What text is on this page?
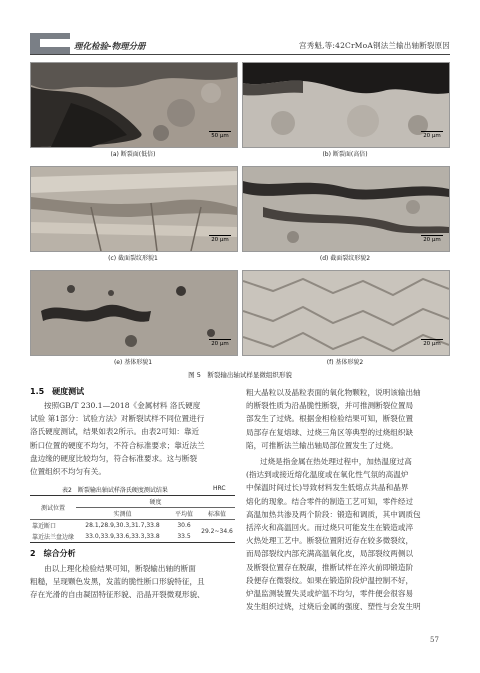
理化检验-物理分册	宫秀魁,等:42CrMoA钢法兰输出轴断裂原因
50 μm
(a) 断裂面(低倍)
20 μm
(b) 断裂面(高倍)
20 μm
(c) 截面裂纹形貌1
20 μm
(d) 截面裂纹形貌2
20 μm
(e) 基体形貌1
20 μm
(f) 基体形貌2
图 5　断裂输出轴试样显微组织形貌
1.5　硬度测试
按照GB/T 230.1—2018《金属材料 洛氏硬度
试验 第1部分：试验方法》对断裂试样不同位置进行
洛氏硬度测试，结果如表2所示。由表2可知：靠近
断口位置的硬度不均匀，不符合标准要求；靠近法兰
盘边缘的硬度比较均匀，符合标准要求。这与断裂
位置组织不均匀有关。
表2　断裂输出轴试样洛氏硬度测试结果	HRC
测试位置	硬度		
	实测值	平均值	标准值
靠近断口	28.1,28.9,30.3,31.7,33.8	30.6	29.2~34.6
靠近法兰盘边缘	33.0,33.9,33.6,33.3,33.8	33.5	
2　综合分析
由以上理化检验结果可知，断裂输出轴的断面
粗糙，呈现颗色发黑，发蓝的脆性断口形貌特征，且
存在光滑的自由凝固特征形貌、沿晶开裂微观形貌、
粗大晶粒以及晶粒表面的氧化物颗粒，说明该输出轴
的断裂性质为沿晶脆性断裂，并可推测断裂位置局
部发生了过烧。根据金相检验结果可知，断裂位置
局部存在复熔球、过烧三角区等典型的过烧组织缺
陷，可推断法兰输出轴局部位置发生了过烧。
过烧是指金属在热处理过程中，加热温度过高
(指达到或接近熔化温度或在氧化性气氛的高温炉
中保温时间过长)导致材料发生低熔点共晶和晶界
熔化的现象。结合零件的制造工艺可知，零件经过
高温加热共渗及两个阶段：锻造和调质，其中调质包
括淬火和高温回火。而过烧只可能发生在锻造或淬
火热处理工艺中。断裂位置附近存在较多微裂纹，
而局部裂纹内部充满高温氧化皮，局部裂纹两侧以
及断裂位置存在脱碳，推断试样在淬火前即锻造阶
段便存在微裂纹。如果在锻造阶段炉温控制不好，
炉温监测装置失灵或炉温不均匀，零件便会很容易
发生组织过烧，过烧后金属的强度、塑性与会发生明
57
